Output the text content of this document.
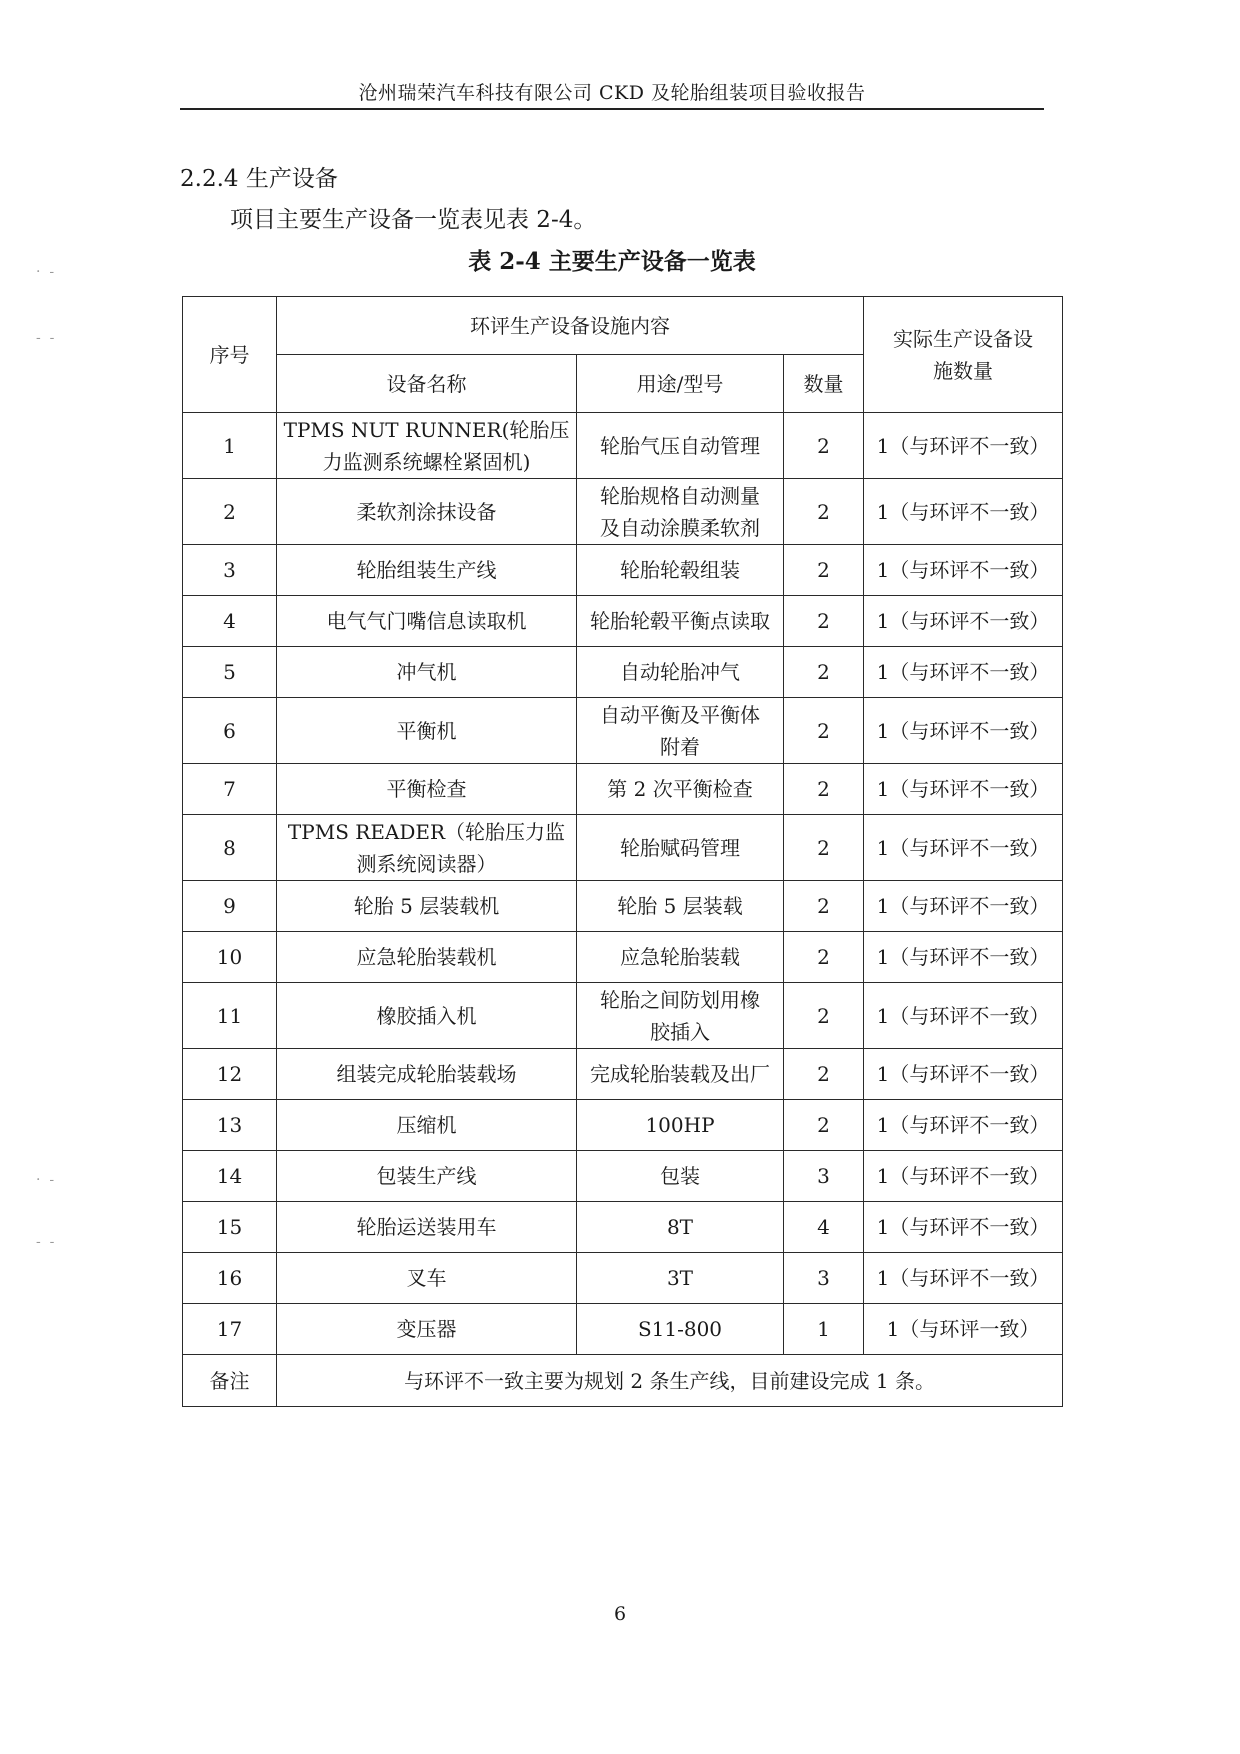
沧州瑞荣汽车科技有限公司 CKD 及轮胎组装项目验收报告
2.2.4 生产设备
项目主要生产设备一览表见表 2-4。
表 2-4 主要生产设备一览表
·  -
-  -
·  -
-  -
序号	环评生产设备设施内容			实际生产设备设施数量
	设备名称	用途/型号	数量	
1	TPMS NUT RUNNER(轮胎压力监测系统螺栓紧固机)	轮胎气压自动管理	2	1（与环评不一致）
2	柔软剂涂抹设备	轮胎规格自动测量及自动涂膜柔软剂	2	1（与环评不一致）
3	轮胎组装生产线	轮胎轮毂组装	2	1（与环评不一致）
4	电气气门嘴信息读取机	轮胎轮毂平衡点读取	2	1（与环评不一致）
5	冲气机	自动轮胎冲气	2	1（与环评不一致）
6	平衡机	自动平衡及平衡体附着	2	1（与环评不一致）
7	平衡检查	第 2 次平衡检查	2	1（与环评不一致）
8	TPMS READER（轮胎压力监测系统阅读器）	轮胎赋码管理	2	1（与环评不一致）
9	轮胎 5 层装载机	轮胎 5 层装载	2	1（与环评不一致）
10	应急轮胎装载机	应急轮胎装载	2	1（与环评不一致）
11	橡胶插入机	轮胎之间防划用橡胶插入	2	1（与环评不一致）
12	组装完成轮胎装载场	完成轮胎装载及出厂	2	1（与环评不一致）
13	压缩机	100HP	2	1（与环评不一致）
14	包装生产线	包装	3	1（与环评不一致）
15	轮胎运送装用车	8T	4	1（与环评不一致）
16	叉车	3T	3	1（与环评不一致）
17	变压器	S11-800	1	1（与环评一致）
备注	与环评不一致主要为规划 2 条生产线，目前建设完成 1 条。			
6
